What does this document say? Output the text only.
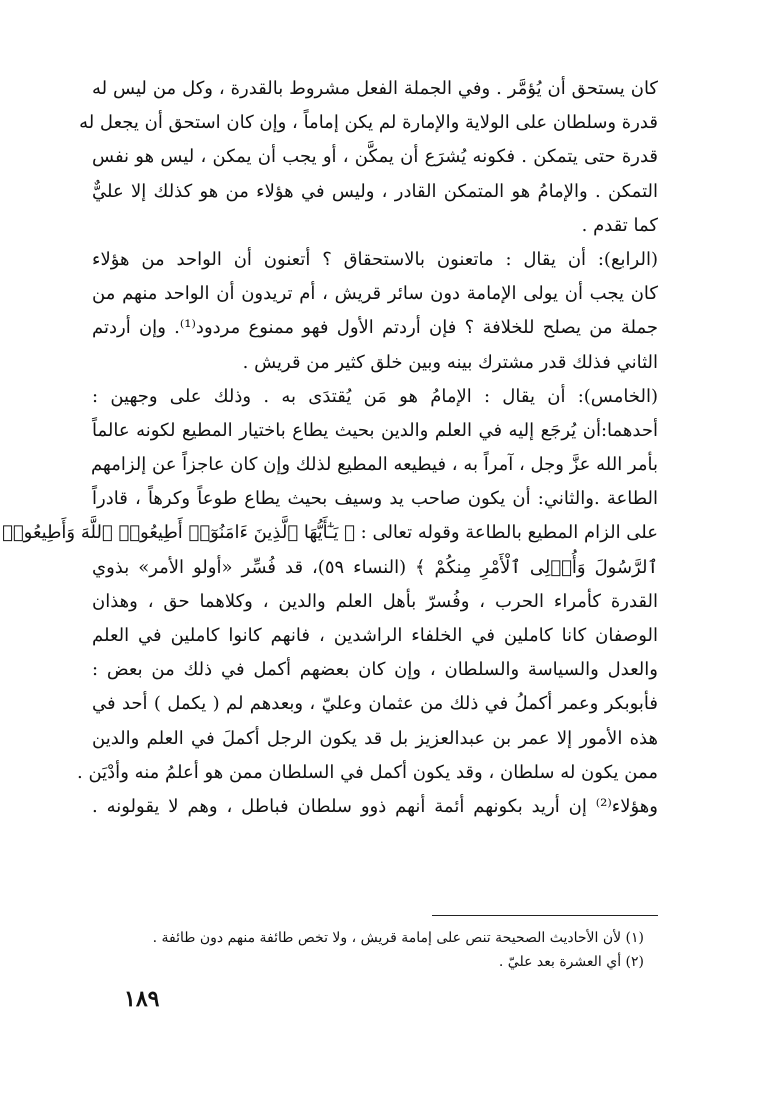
كان يستحق أن يُؤمَّر . وفي الجملة الفعل مشروط بالقدرة ، وكل من ليس له
قدرة وسلطان على الولاية والإمارة لم يكن إماماً ، وإن كان استحق أن يجعل له
قدرة حتى يتمكن . فكونه يُشرَع أن يمكَّن ، أو يجب أن يمكن ، ليس هو نفس
التمكن . والإمامُ هو المتمكن القادر ، وليس في هؤلاء من هو كذلك إلا عليٌّ
كما تقدم .
(الرابع): أن يقال : ماتعنون بالاستحقاق ؟ أتعنون أن الواحد من هؤلاء
كان يجب أن يولى الإمامة دون سائر قريش ، أم تريدون أن الواحد منهم من
جملة من يصلح للخلافة ؟ فإن أردتم الأول فهو ممنوع مردود⁽¹⁾. وإن أردتم
الثاني فذلك قدر مشترك بينه وبين خلق كثير من قريش .
(الخامس): أن يقال : الإمامُ هو مَن يُقتدَى به . وذلك على وجهين :
أحدهما:أن يُرجَع إليه في العلم والدين بحيث يطاع باختيار المطيع لكونه عالماً
بأمر الله عزَّ وجل ، آمراً به ، فيطيعه المطيع لذلك وإن كان عاجزاً عن إلزامهم
الطاعة .والثاني: أن يكون صاحب يد وسيف بحيث يطاع طوعاً وكرهاً ، قادراً
على الزام المطيع بالطاعة وقوله تعالى : ﴿ يَـٰٓأَيُّهَا ٱلَّذِينَ ءَامَنُوٓا۟ أَطِيعُوا۟ ٱللَّهَ وَأَطِيعُوا۟
ٱلرَّسُولَ وَأُو۟لِى ٱلْأَمْرِ مِنكُمْ ﴾ (النساء ٥٩)، قد فُسِّر «أولو الأمر» بذوي
القدرة كأمراء الحرب ، وفُسرّ بأهل العلم والدين ، وكلاهما حق ، وهذان
الوصفان كانا كاملين في الخلفاء الراشدين ، فانهم كانوا كاملين في العلم
والعدل والسياسة والسلطان ، وإن كان بعضهم أكمل في ذلك من بعض :
فأبوبكر وعمر أكملُ في ذلك من عثمان وعليّ ، وبعدهم لم ( يكمل ) أحد في
هذه الأمور إلا عمر بن عبدالعزيز بل قد يكون الرجل أكملَ في العلم والدين
ممن يكون له سلطان ، وقد يكون أكمل في السلطان ممن هو أعلمُ منه وأدْيَن .
وهؤلاء⁽²⁾ إن أريد بكونهم أئمة أنهم ذوو سلطان فباطل ، وهم لا يقولونه .
(١) لأن الأحاديث الصحيحة تنص على إمامة قريش ، ولا تخص طائفة منهم دون طائفة .
(٢) أي العشرة بعد عليّ .
١٨٩
